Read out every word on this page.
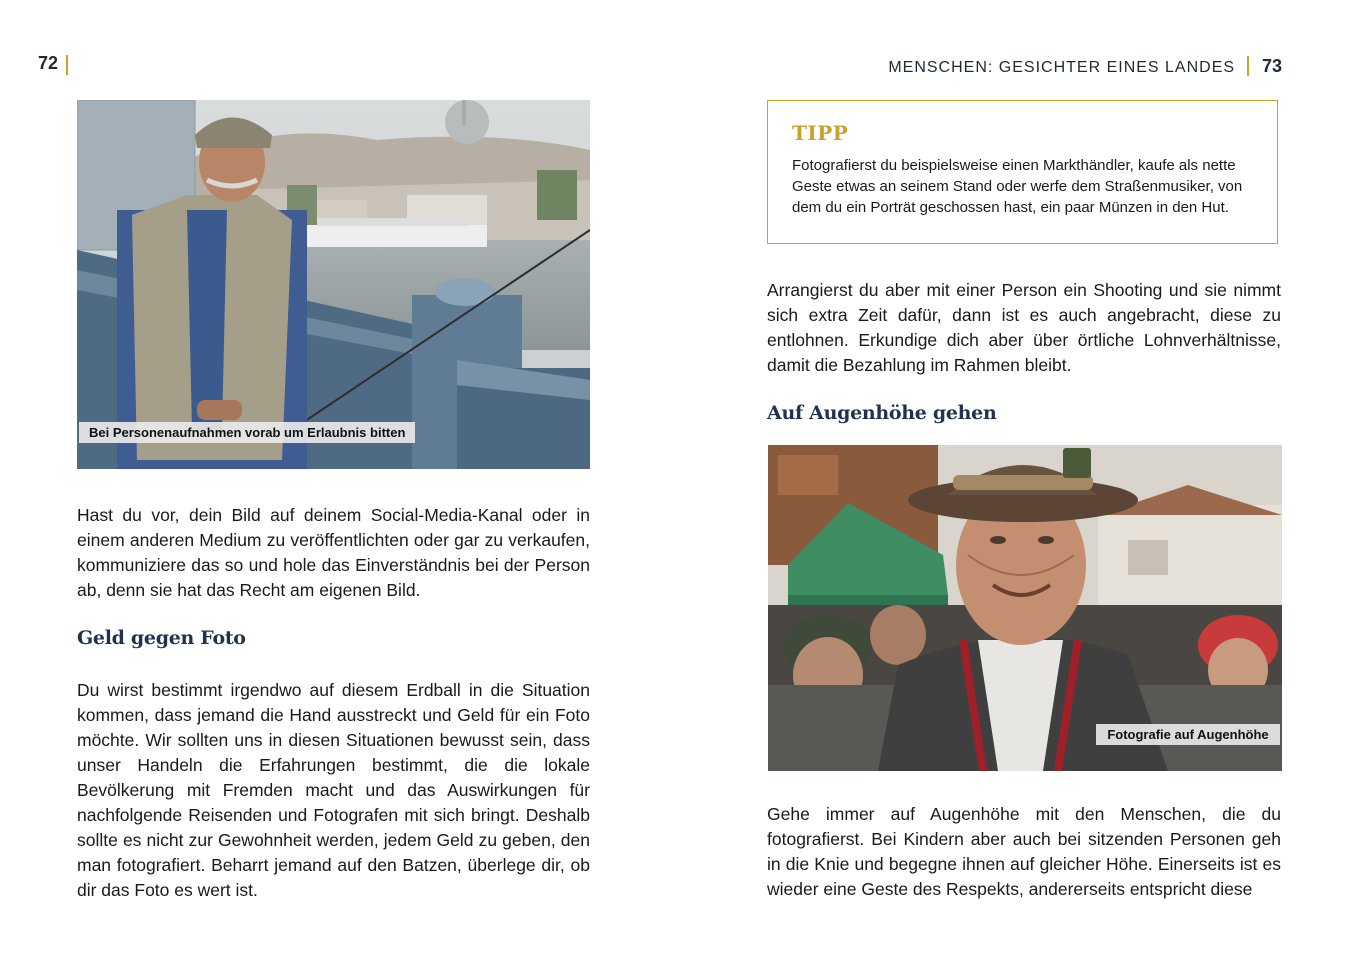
72	MENSCHEN: GESICHTER EINES LANDES 73
Bei Personenaufnahmen vorab um Erlaubnis bitten

Hast du vor, dein Bild auf deinem Social-Media-Kanal oder in einem anderen Medium zu veröffentlichten oder gar zu verkaufen, kommuniziere das so und hole das Einverständnis bei der Person ab, denn sie hat das Recht am eigenen Bild.

Geld gegen Foto

Du wirst bestimmt irgendwo auf diesem Erdball in die Situation kommen, dass jemand die Hand ausstreckt und Geld für ein Foto möchte. Wir sollten uns in diesen Situationen bewusst sein, dass unser Handeln die Erfahrungen bestimmt, die die lokale Bevölkerung mit Fremden macht und das Auswirkungen für nachfolgende Reisenden und Fotografen mit sich bringt. Deshalb sollte es nicht zur Gewohnheit werden, jedem Geld zu geben, den man fotografiert. Beharrt jemand auf den Batzen, überlege dir, ob dir das Foto es wert ist.

TIPP
Fotografierst du beispielsweise einen Markthändler, kaufe als nette Geste etwas an seinem Stand oder werfe dem Straßenmusiker, von dem du ein Porträt geschossen hast, ein paar Münzen in den Hut.

Arrangierst du aber mit einer Person ein Shooting und sie nimmt sich extra Zeit dafür, dann ist es auch angebracht, diese zu entlohnen. Erkundige dich aber über örtliche Lohnverhältnisse, damit die Bezahlung im Rahmen bleibt.

Auf Augenhöhe gehen
Fotografie auf Augenhöhe

Gehe immer auf Augenhöhe mit den Menschen, die du fotografierst. Bei Kindern aber auch bei sitzenden Personen geh in die Knie und begegne ihnen auf gleicher Höhe. Einerseits ist es wieder eine Geste des Respekts, andererseits entspricht diese
